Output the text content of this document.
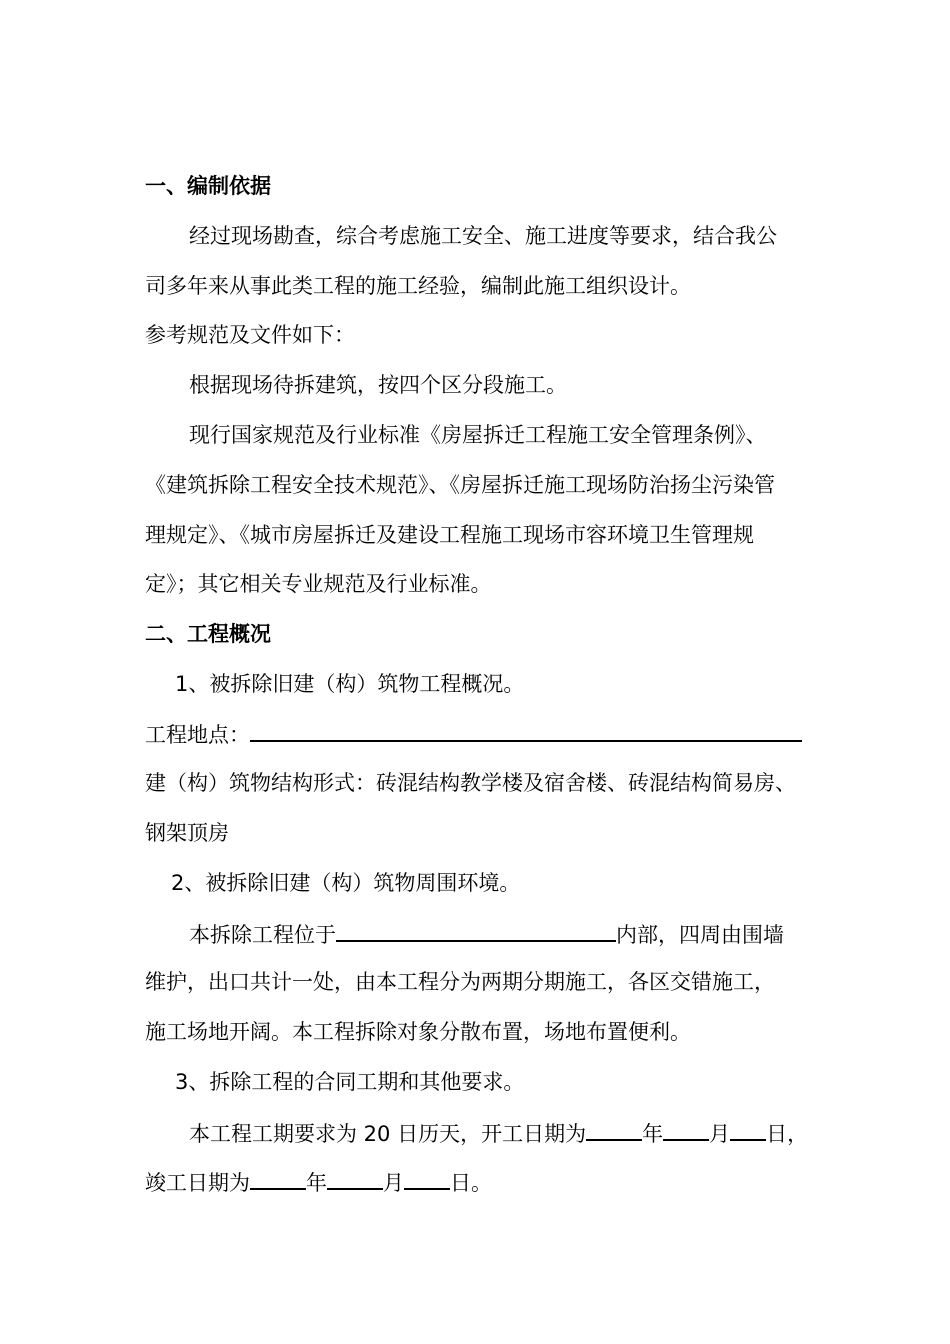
一、编制依据
经过现场勘查，综合考虑施工安全、施工进度等要求，结合我公
司多年来从事此类工程的施工经验，编制此施工组织设计。
参考规范及文件如下：
根据现场待拆建筑，按四个区分段施工。
现行国家规范及行业标准《房屋拆迁工程施工安全管理条例》、
《建筑拆除工程安全技术规范》、《房屋拆迁施工现场防治扬尘污染管
理规定》、《城市房屋拆迁及建设工程施工现场市容环境卫生管理规
定》；其它相关专业规范及行业标准。
二、工程概况
1、被拆除旧建（构）筑物工程概况。
工程地点：
建（构）筑物结构形式：砖混结构教学楼及宿舍楼、砖混结构简易房、
钢架顶房
2、被拆除旧建（构）筑物周围环境。
本拆除工程位于	内部，四周由围墙
维护，出口共计一处，由本工程分为两期分期施工，各区交错施工，
施工场地开阔。本工程拆除对象分散布置，场地布置便利。
3、拆除工程的合同工期和其他要求。
本工程工期要求为 20 日历天，开工日期为	年 月 日，
竣工日期为	年	月 日。
